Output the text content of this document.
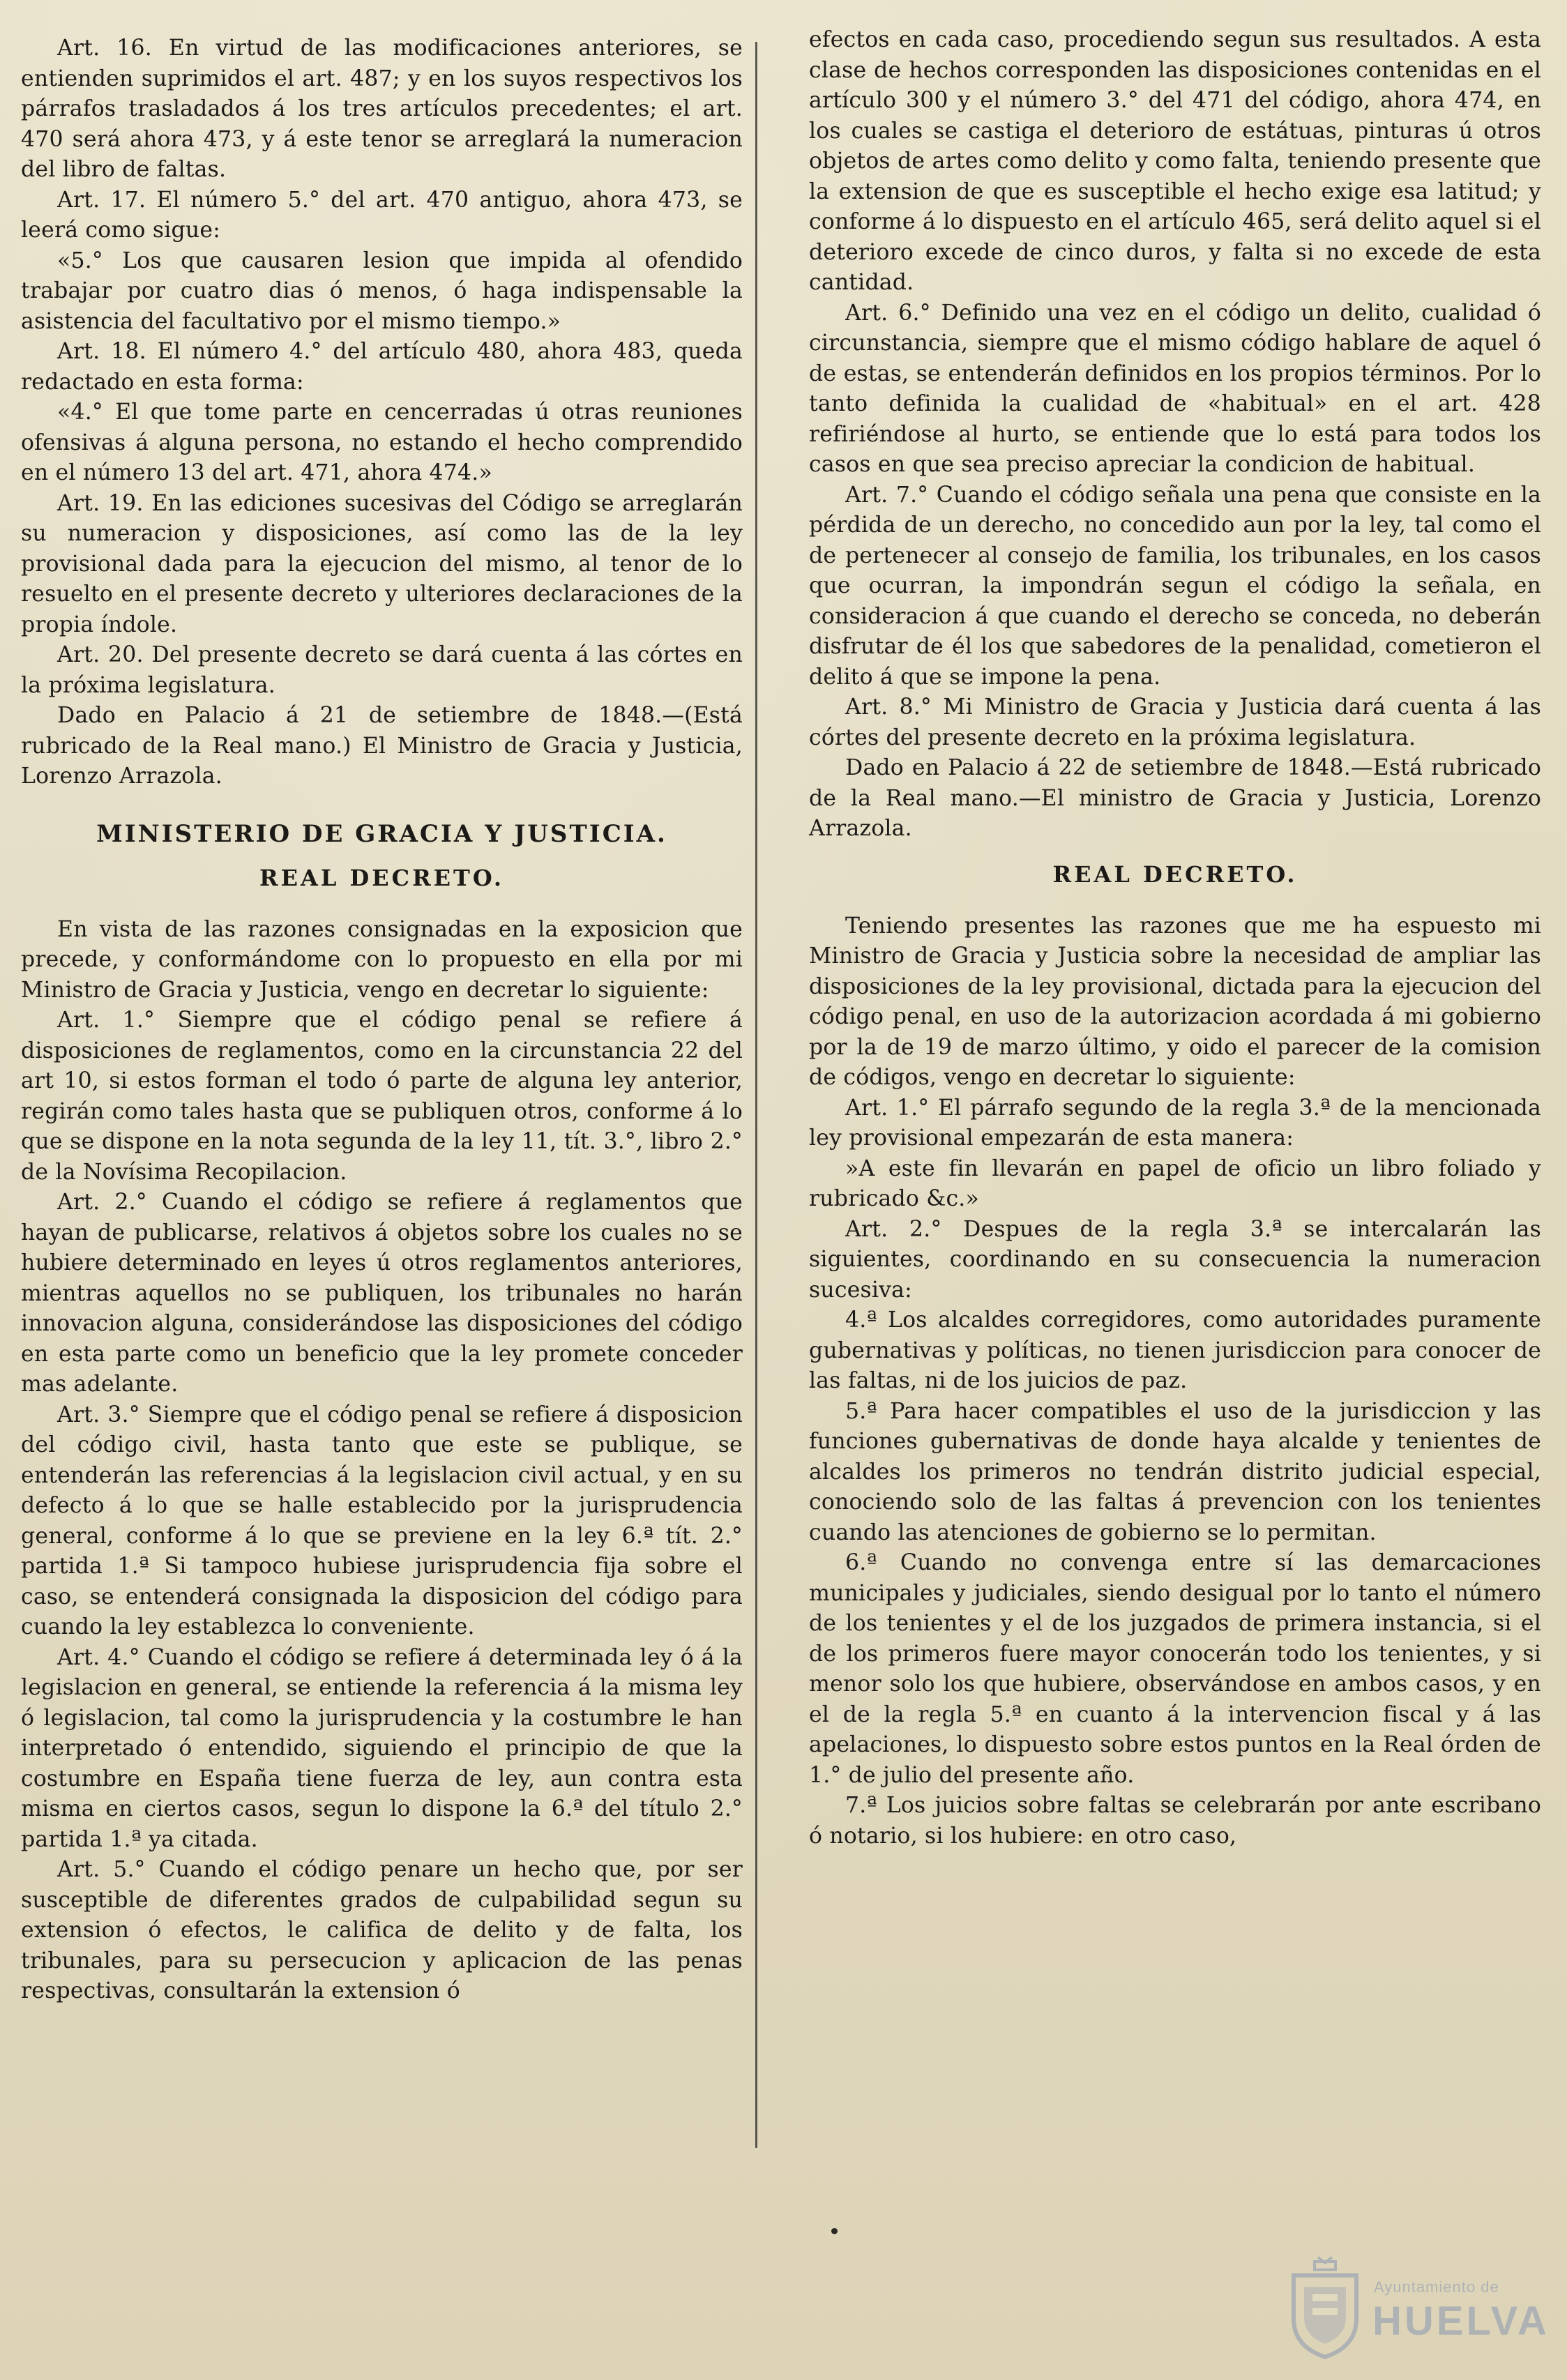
Art. 16. En virtud de las modificaciones anteriores, se entienden suprimidos el art. 487; y en los suyos respectivos los párrafos trasladados á los tres artículos precedentes; el art. 470 será ahora 473, y á este tenor se arreglará la numeracion del libro de faltas.

Art. 17. El número 5.° del art. 470 antiguo, ahora 473, se leerá como sigue:

«5.° Los que causaren lesion que impida al ofendido trabajar por cuatro dias ó menos, ó haga indispensable la asistencia del facultativo por el mismo tiempo.»

Art. 18. El número 4.° del artículo 480, ahora 483, queda redactado en esta forma:

«4.° El que tome parte en cencerradas ú otras reuniones ofensivas á alguna persona, no estando el hecho comprendido en el número 13 del art. 471, ahora 474.»

Art. 19. En las ediciones sucesivas del Código se arreglarán su numeracion y disposiciones, así como las de la ley provisional dada para la ejecucion del mismo, al tenor de lo resuelto en el presente decreto y ulteriores declaraciones de la propia índole.

Art. 20. Del presente decreto se dará cuenta á las córtes en la próxima legislatura.

Dado en Palacio á 21 de setiembre de 1848.—(Está rubricado de la Real mano.) El Ministro de Gracia y Justicia, Lorenzo Arrazola.

MINISTERIO DE GRACIA Y JUSTICIA.
REAL DECRETO.

En vista de las razones consignadas en la exposicion que precede, y conformándome con lo propuesto en ella por mi Ministro de Gracia y Justicia, vengo en decretar lo siguiente:

Art. 1.° Siempre que el código penal se refiere á disposiciones de reglamentos, como en la circunstancia 22 del art 10, si estos forman el todo ó parte de alguna ley anterior, regirán como tales hasta que se publiquen otros, conforme á lo que se dispone en la nota segunda de la ley 11, tít. 3.°, libro 2.° de la Novísima Recopilacion.

Art. 2.° Cuando el código se refiere á reglamentos que hayan de publicarse, relativos á objetos sobre los cuales no se hubiere determinado en leyes ú otros reglamentos anteriores, mientras aquellos no se publiquen, los tribunales no harán innovacion alguna, considerándose las disposiciones del código en esta parte como un beneficio que la ley promete conceder mas adelante.

Art. 3.° Siempre que el código penal se refiere á disposicion del código civil, hasta tanto que este se publique, se entenderán las referencias á la legislacion civil actual, y en su defecto á lo que se halle establecido por la jurisprudencia general, conforme á lo que se previene en la ley 6.ª tít. 2.° partida 1.ª Si tampoco hubiese jurisprudencia fija sobre el caso, se entenderá consignada la disposicion del código para cuando la ley establezca lo conveniente.

Art. 4.° Cuando el código se refiere á determinada ley ó á la legislacion en general, se entiende la referencia á la misma ley ó legislacion, tal como la jurisprudencia y la costumbre le han interpretado ó entendido, siguiendo el principio de que la costumbre en España tiene fuerza de ley, aun contra esta misma en ciertos casos, segun lo dispone la 6.ª del título 2.° partida 1.ª ya citada.

Art. 5.° Cuando el código penare un hecho que, por ser susceptible de diferentes grados de culpabilidad segun su extension ó efectos, le califica de delito y de falta, los tribunales, para su persecucion y aplicacion de las penas respectivas, consultarán la extension ó

efectos en cada caso, procediendo segun sus resultados. A esta clase de hechos corresponden las disposiciones contenidas en el artículo 300 y el número 3.° del 471 del código, ahora 474, en los cuales se castiga el deterioro de estátuas, pinturas ú otros objetos de artes como delito y como falta, teniendo presente que la extension de que es susceptible el hecho exige esa latitud; y conforme á lo dispuesto en el artículo 465, será delito aquel si el deterioro excede de cinco duros, y falta si no excede de esta cantidad.

Art. 6.° Definido una vez en el código un delito, cualidad ó circunstancia, siempre que el mismo código hablare de aquel ó de estas, se entenderán definidos en los propios términos. Por lo tanto definida la cualidad de «habitual» en el art. 428 refiriéndose al hurto, se entiende que lo está para todos los casos en que sea preciso apreciar la condicion de habitual.

Art. 7.° Cuando el código señala una pena que consiste en la pérdida de un derecho, no concedido aun por la ley, tal como el de pertenecer al consejo de familia, los tribunales, en los casos que ocurran, la impondrán segun el código la señala, en consideracion á que cuando el derecho se conceda, no deberán disfrutar de él los que sabedores de la penalidad, cometieron el delito á que se impone la pena.

Art. 8.° Mi Ministro de Gracia y Justicia dará cuenta á las córtes del presente decreto en la próxima legislatura.

Dado en Palacio á 22 de setiembre de 1848.—Está rubricado de la Real mano.—El ministro de Gracia y Justicia, Lorenzo Arrazola.

REAL DECRETO.

Teniendo presentes las razones que me ha espuesto mi Ministro de Gracia y Justicia sobre la necesidad de ampliar las disposiciones de la ley provisional, dictada para la ejecucion del código penal, en uso de la autorizacion acordada á mi gobierno por la de 19 de marzo último, y oido el parecer de la comision de códigos, vengo en decretar lo siguiente:

Art. 1.° El párrafo segundo de la regla 3.ª de la mencionada ley provisional empezarán de esta manera:

»A este fin llevarán en papel de oficio un libro foliado y rubricado &c.»

Art. 2.° Despues de la regla 3.ª se intercalarán las siguientes, coordinando en su consecuencia la numeracion sucesiva:

4.ª Los alcaldes corregidores, como autoridades puramente gubernativas y políticas, no tienen jurisdiccion para conocer de las faltas, ni de los juicios de paz.

5.ª Para hacer compatibles el uso de la jurisdiccion y las funciones gubernativas de donde haya alcalde y tenientes de alcaldes los primeros no tendrán distrito judicial especial, conociendo solo de las faltas á prevencion con los tenientes cuando las atenciones de gobierno se lo permitan.

6.ª Cuando no convenga entre sí las demarcaciones municipales y judiciales, siendo desigual por lo tanto el número de los tenientes y el de los juzgados de primera instancia, si el de los primeros fuere mayor conocerán todo los tenientes, y si menor solo los que hubiere, observándose en ambos casos, y en el de la regla 5.ª en cuanto á la intervencion fiscal y á las apelaciones, lo dispuesto sobre estos puntos en la Real órden de 1.° de julio del presente año.

7.ª Los juicios sobre faltas se celebrarán por ante escribano ó notario, si los hubiere: en otro caso,

Ayuntamiento de
HUELVA
